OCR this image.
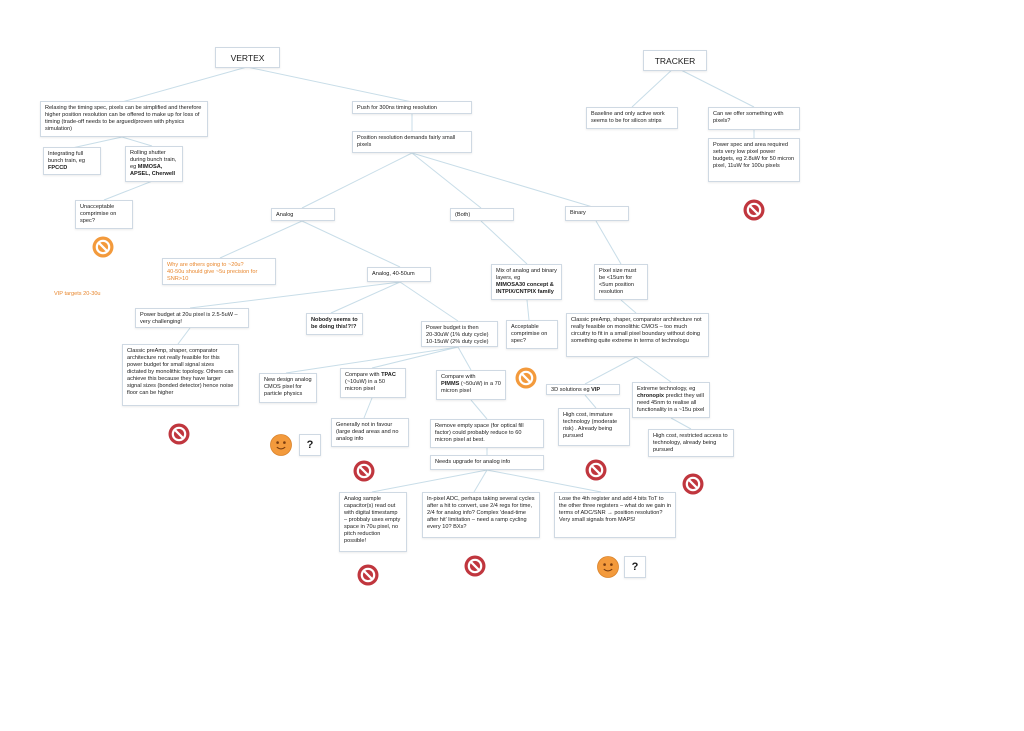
VERTEX	TRACKER
Relaxing the timing spec, pixels can be simplified and therefore higher position resolution can be offered to make up for loss of timing (trade-off needs to be argued/proven with physics simulation)
Integrating full bunch train, eg
FPCCD
Rolling shutter during bunch train, eg MIMOSA, APSEL, Cherwell
Unacceptable comprimise on spec?
Push for 300ns timing resolution
Position resolution demands fairly small pixels
Analog	(Both)	Binary
Why are others going to ~20u?
40-50u should give ~5u precision for SNR>10
VIP targets 20-30u
Power budget at 20u pixel is 2.5-5uW – very challenging!
Classic preAmp, shaper, comparator architecture not really feasible for this power budget for small signal sizes dictated by monolithic topology. Others can achieve this because they have larger signal sizes (bonded detector) hence noise floor can be higher
Analog, 40-50um
Nobody seems to be doing this!?!?	Power budget is then
20-30uW (1% duty cycle)
10-15uW (2% duty cycle)
New design analog CMOS pixel for particle physics
Compare with TPAC
(~10uW) in a 50 micron pixel
Compare with
PIMMS (~50uW) in a 70 micron pixel
Generally not in favour (large dead areas and no analog info
Remove empty space (for optical fill factor) could probably reduce to 60 micron pixel at best.
Needs upgrade for analog info
Analog sample capacitor(s) read out with digital timestamp – probbaly uses empty space in 70u pixel, no pitch reduction possible!
In-pixel ADC, perhaps taking several cycles after a hit to convert, use 2/4 regs for time, 2/4 for analog info? Complex 'dead-time after hit' limitation – need a ramp cycling every 10? BXs?
Lose the 4th register and add 4 bits ToT to the other three registers – what do we gain in terms of ADC/SNR → position resolution? Very small signals from MAPS!
Mix of analog and binary layers, eg
MIMOSA30 concept & INTPIX/CNTPIX family
Acceptable comprimise on spec?
Pixel size must be <15um for <5um position resolution
Classic preAmp, shaper, comparator architecture not really feasible on monolithic CMOS – too much circuitry to fit in a small pixel boundary without doing something quite extreme in terms of technologu
3D solutions eg VIP
High cost, immature technology (moderate risk) . Already being pursued
Extreme technology, eg
chronopix predict they will need 45nm to realise all functionality in a ~15u pixel
High cost, restricted access to technology, already being pursued
Baseline and only active work seems to be for silicon strips
Can we offer something with pixels?
Power spec and area required sets very low pixel power budgets, eg 2.8uW for 50 micron pixel, 11uW for 100u pixels
?
?
